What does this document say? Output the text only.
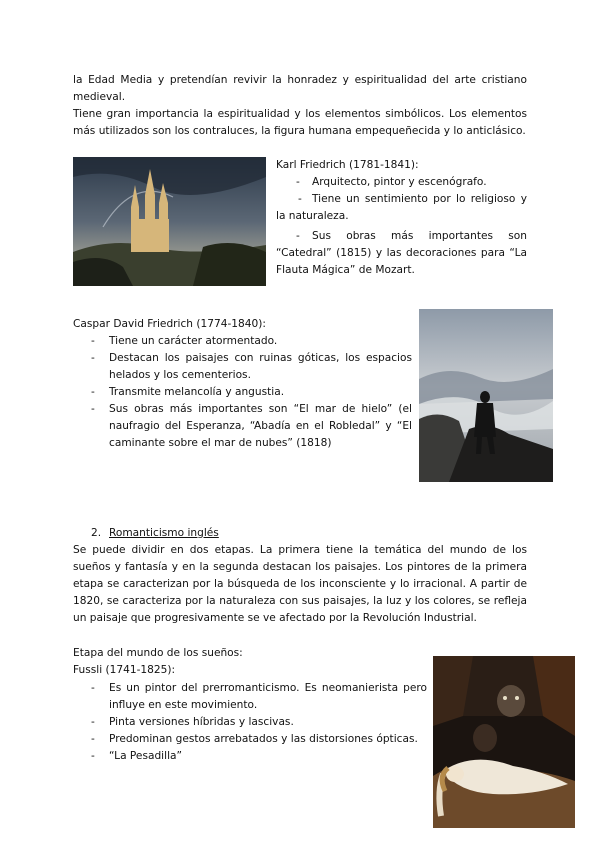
la Edad Media y pretendían revivir la honradez y espiritualidad del arte cristiano medieval.

Tiene gran importancia la espiritualidad y los elementos simbólicos. Los elementos más utilizados son los contraluces, la figura humana empequeñecida y lo anticlásico.

Karl Friedrich (1781-1841):
- Arquitecto, pintor y escenógrafo.
- Tiene un sentimiento por lo religioso y la naturaleza.

-	Sus obras más importantes son “Catedral” (1815) y las decoraciones para “La Flauta Mágica” de Mozart.

Caspar David Friedrich (1774-1840):
- Tiene un carácter atormentado.

- Destacan los paisajes con ruinas góticas, los espacios helados y los cementerios.

- Transmite melancolía y angustia.

- Sus obras más importantes son “El mar de hielo” (el naufragio del Esperanza, “Abadía en el Robledal” y “El caminante sobre el mar de nubes” (1818)

2. Romanticismo inglés

Se puede dividir en dos etapas. La primera tiene la temática del mundo de los sueños y fantasía y en la segunda destacan los paisajes. Los pintores de la primera etapa se caracterizan por la búsqueda de los inconsciente y lo irracional. A partir de 1820, se caracteriza por la naturaleza con sus paisajes, la luz y los colores, se refleja un paisaje que progresivamente se ve afectado por la Revolución Industrial.

Etapa del mundo de los sueños:
Fussli (1741-1825):
- Es un pintor del prerromanticismo. Es neomanierista pero influye en este movimiento.

- Pinta versiones híbridas y lascivas.

- Predominan gestos arrebatados y las distorsiones ópticas.

- “La Pesadilla”
